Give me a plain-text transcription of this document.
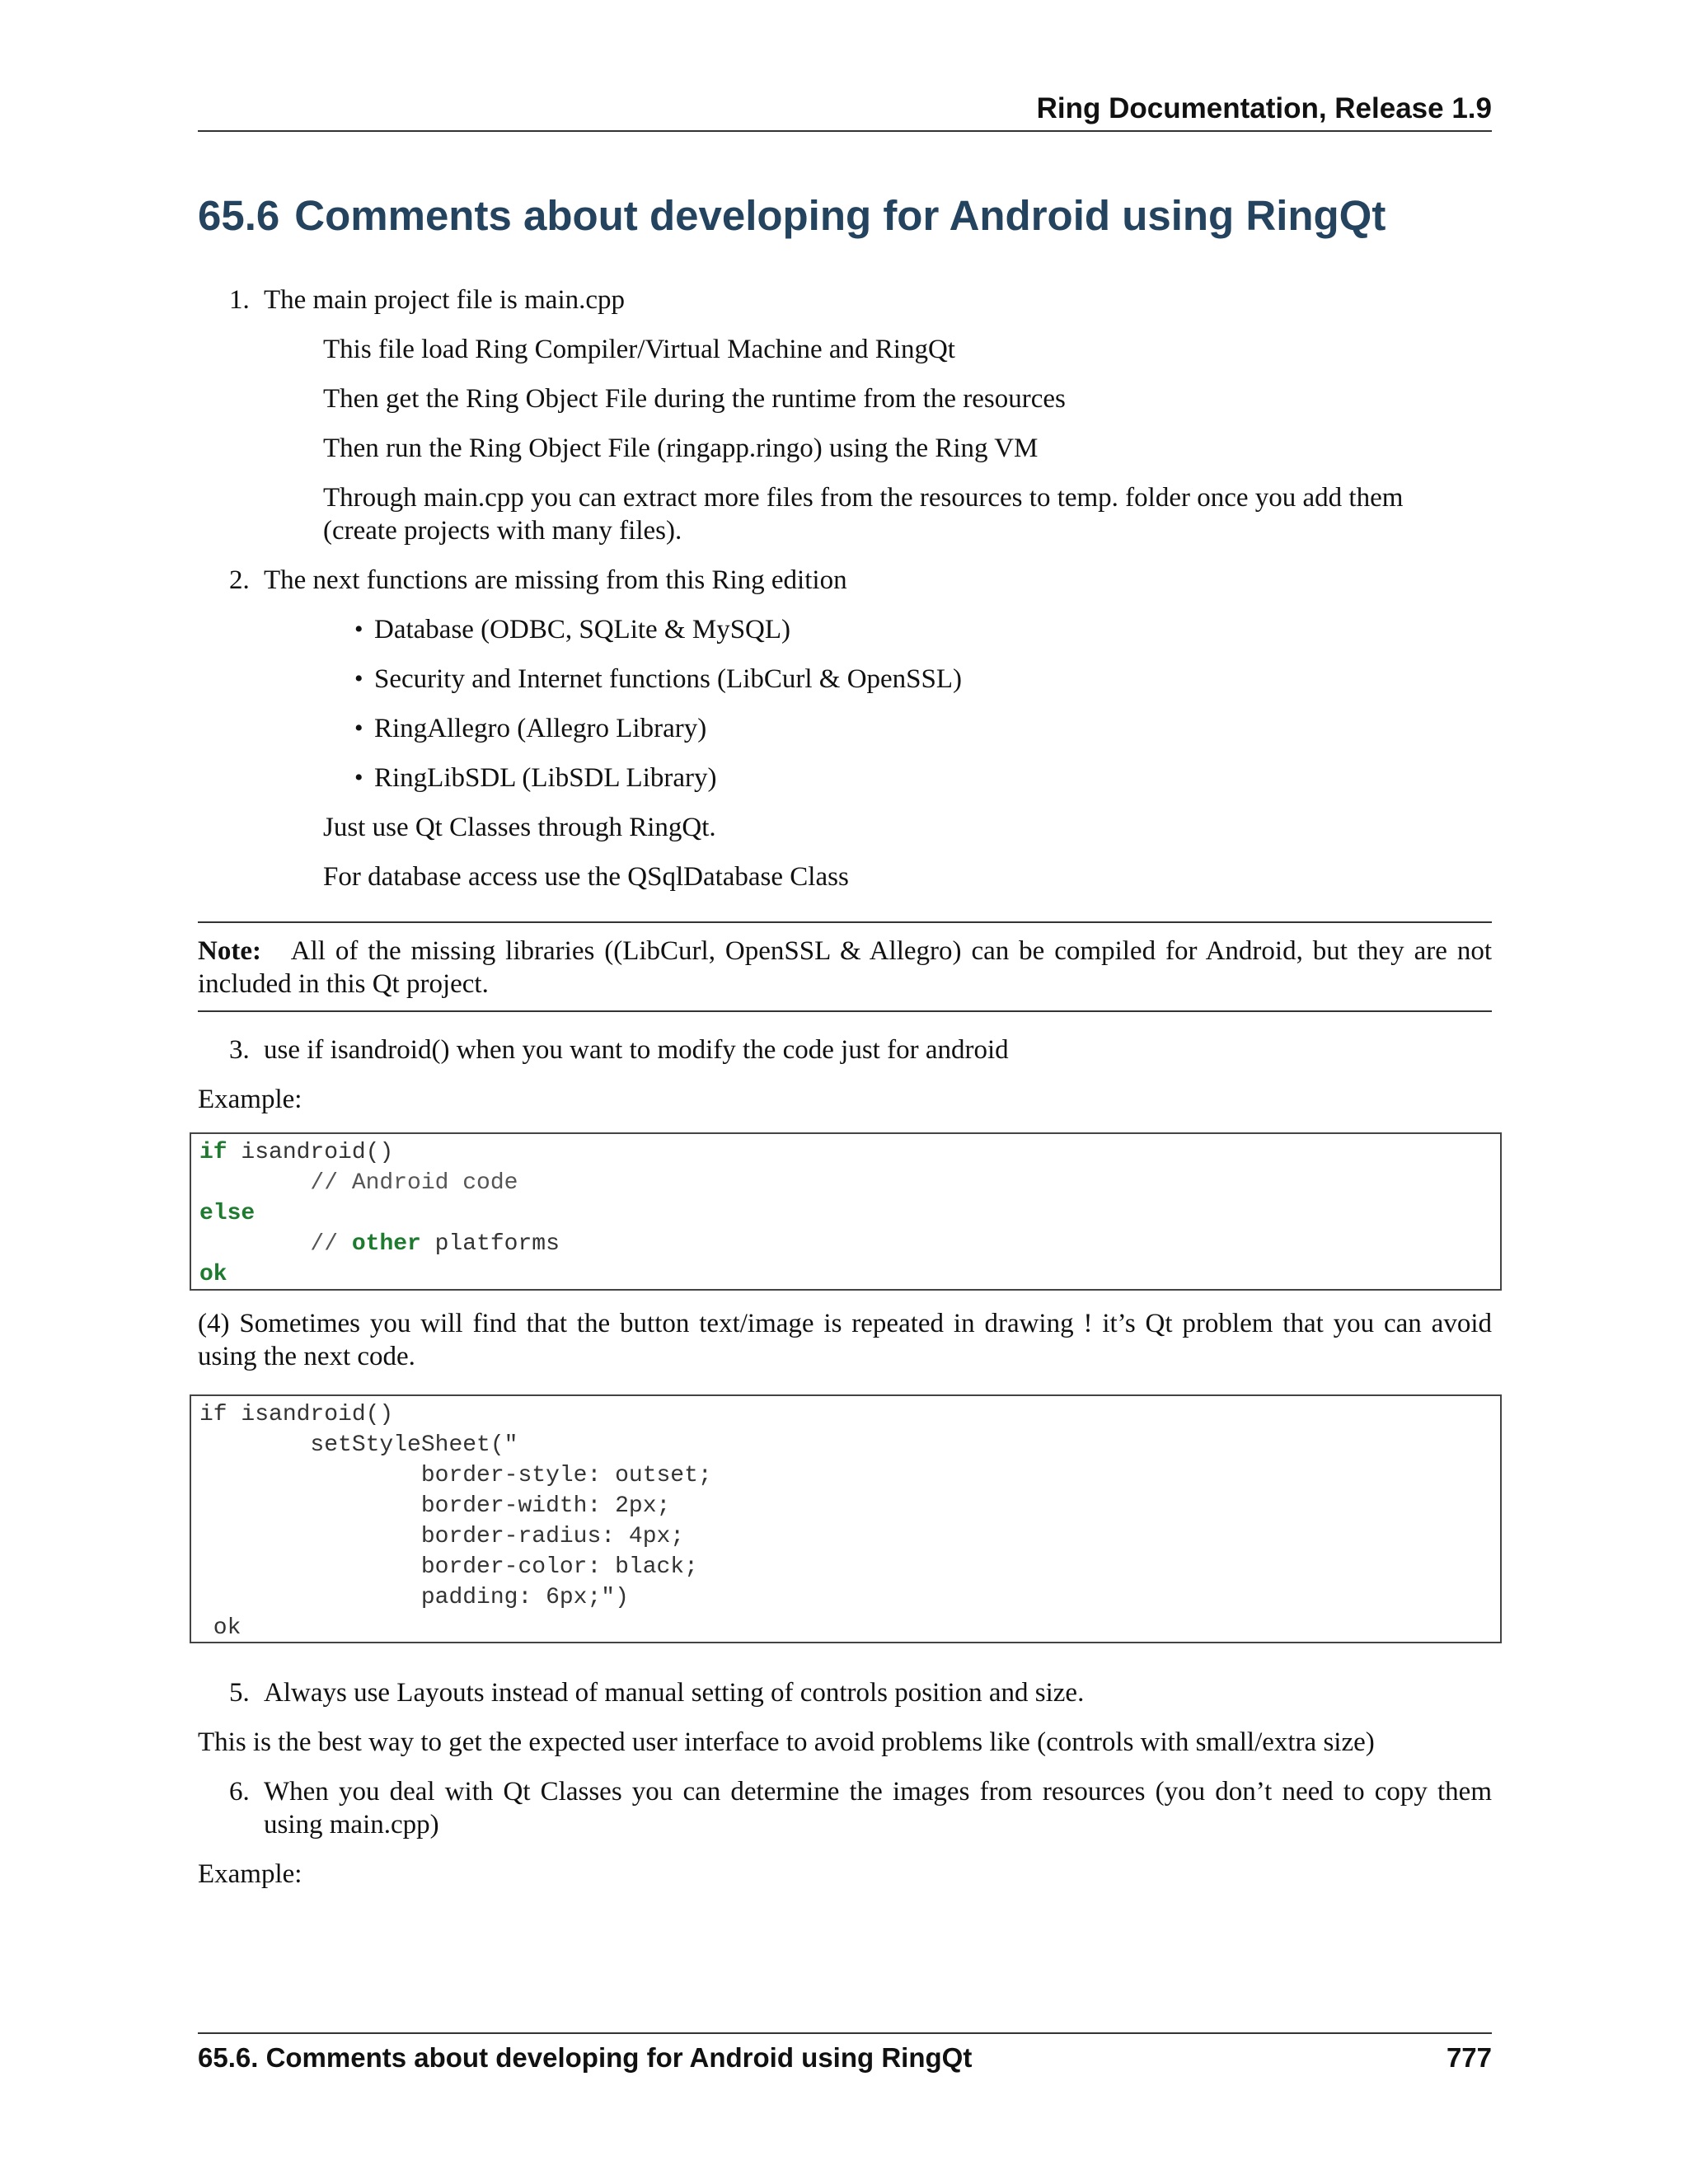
Ring Documentation, Release 1.9
65.6 Comments about developing for Android using RingQt
1. The main project file is main.cpp
This file load Ring Compiler/Virtual Machine and RingQt
Then get the Ring Object File during the runtime from the resources
Then run the Ring Object File (ringapp.ringo) using the Ring VM
Through main.cpp you can extract more files from the resources to temp. folder once you add them
(create projects with many files).
2. The next functions are missing from this Ring edition
• Database (ODBC, SQLite & MySQL)
• Security and Internet functions (LibCurl & OpenSSL)
• RingAllegro (Allegro Library)
• RingLibSDL (LibSDL Library)
Just use Qt Classes through RingQt.
For database access use the QSqlDatabase Class
Note: All of the missing libraries ((LibCurl, OpenSSL & Allegro) can be compiled for Android, but they are not included in this Qt project.
3. use if isandroid() when you want to modify the code just for android
Example:
if isandroid()
// Android code
else
// other platforms
ok
(4) Sometimes you will find that the button text/image is repeated in drawing ! it’s Qt problem that you can avoid
using the next code.
if isandroid()
setStyleSheet("
border-style: outset;
border-width: 2px;
border-radius: 4px;
border-color: black;
padding: 6px;")
ok
5. Always use Layouts instead of manual setting of controls position and size.
This is the best way to get the expected user interface to avoid problems like (controls with small/extra size)
6. When you deal with Qt Classes you can determine the images from resources (you don’t need to copy them
using main.cpp)
Example:
65.6. Comments about developing for Android using RingQt	777
